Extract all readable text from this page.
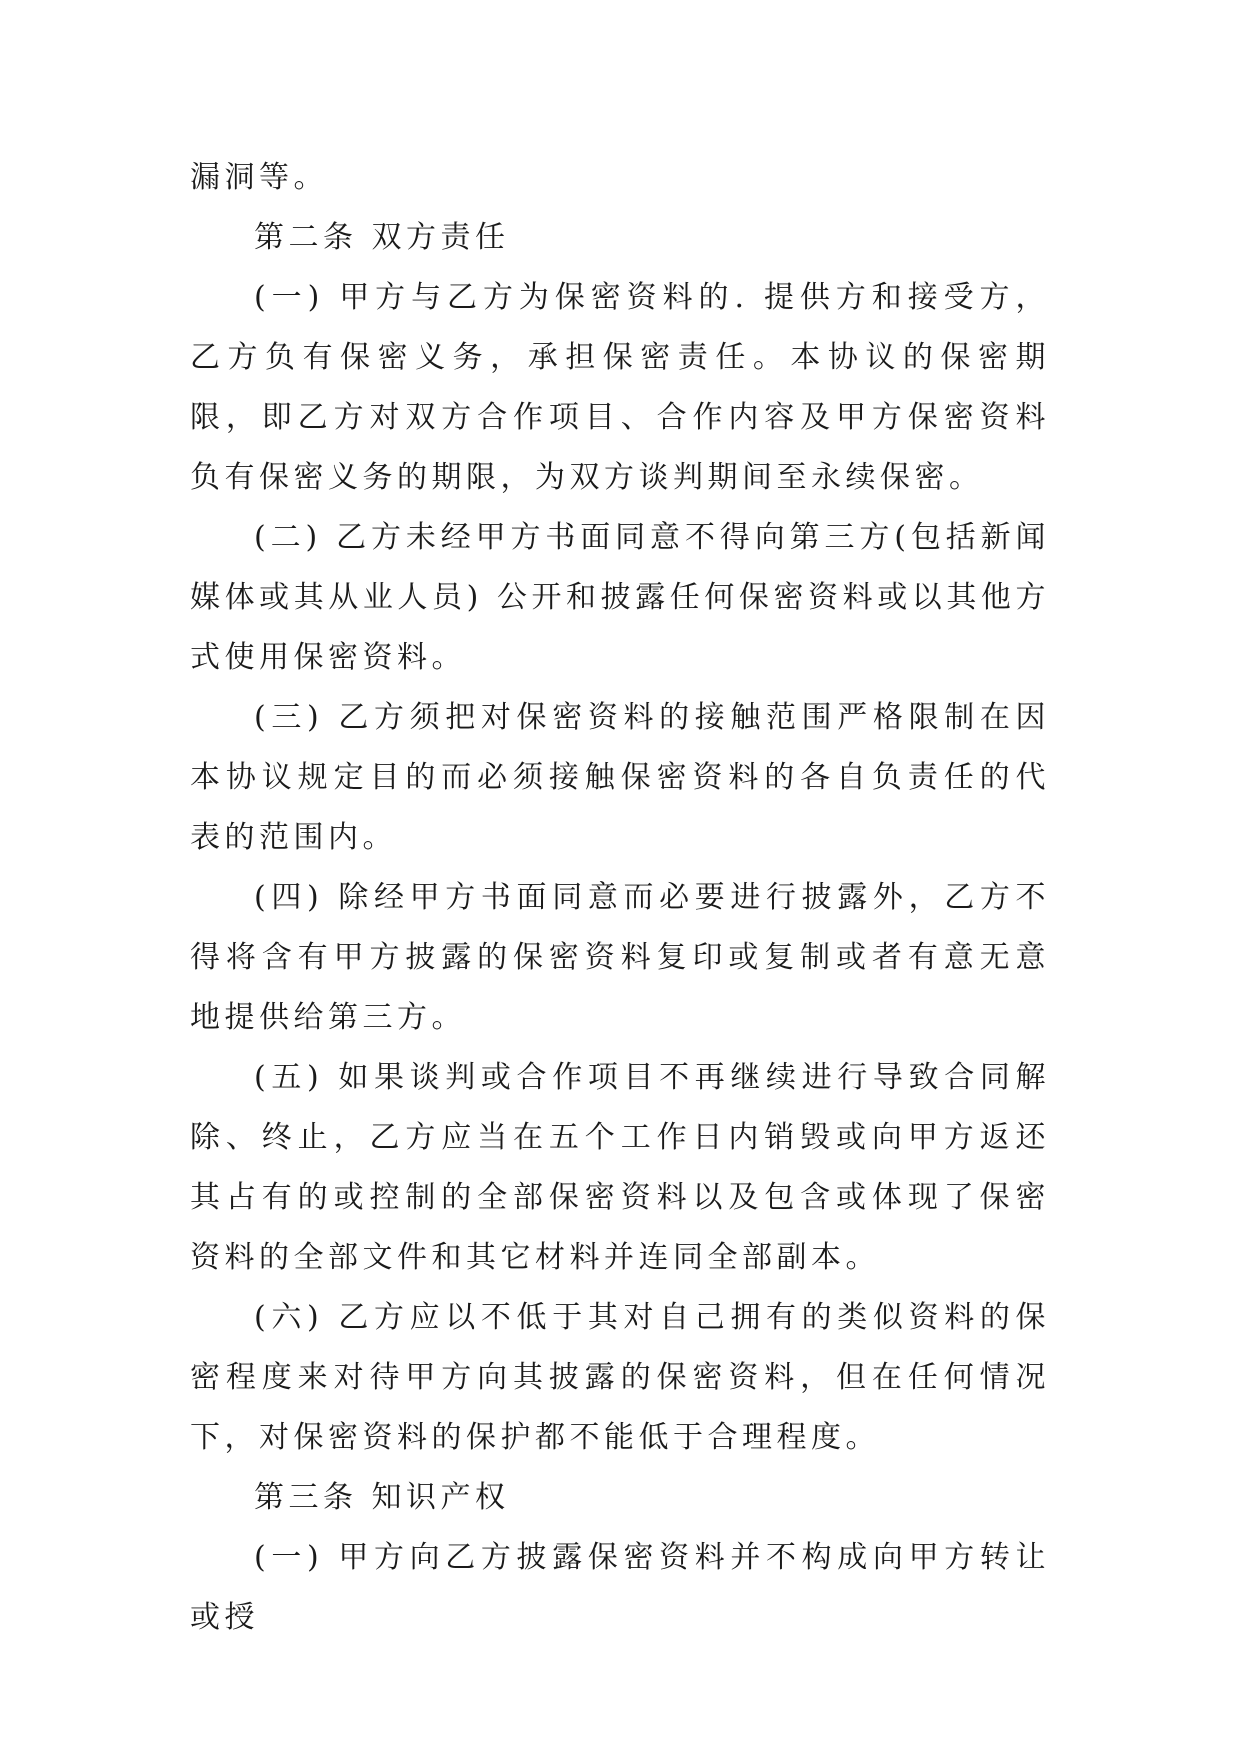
漏洞等。

第二条 双方责任

(一) 甲方与乙方为保密资料的. 提供方和接受方，乙方负有保密义务，承担保密责任。本协议的保密期限，即乙方对双方合作项目、合作内容及甲方保密资料负有保密义务的期限，为双方谈判期间至永续保密。

(二) 乙方未经甲方书面同意不得向第三方(包括新闻媒体或其从业人员) 公开和披露任何保密资料或以其他方式使用保密资料。

(三) 乙方须把对保密资料的接触范围严格限制在因本协议规定目的而必须接触保密资料的各自负责任的代表的范围内。

(四) 除经甲方书面同意而必要进行披露外，乙方不得将含有甲方披露的保密资料复印或复制或者有意无意地提供给第三方。

(五) 如果谈判或合作项目不再继续进行导致合同解除、终止，乙方应当在五个工作日内销毁或向甲方返还其占有的或控制的全部保密资料以及包含或体现了保密资料的全部文件和其它材料并连同全部副本。

(六) 乙方应以不低于其对自己拥有的类似资料的保密程度来对待甲方向其披露的保密资料，但在任何情况下，对保密资料的保护都不能低于合理程度。

第三条 知识产权

(一) 甲方向乙方披露保密资料并不构成向甲方转让或授
